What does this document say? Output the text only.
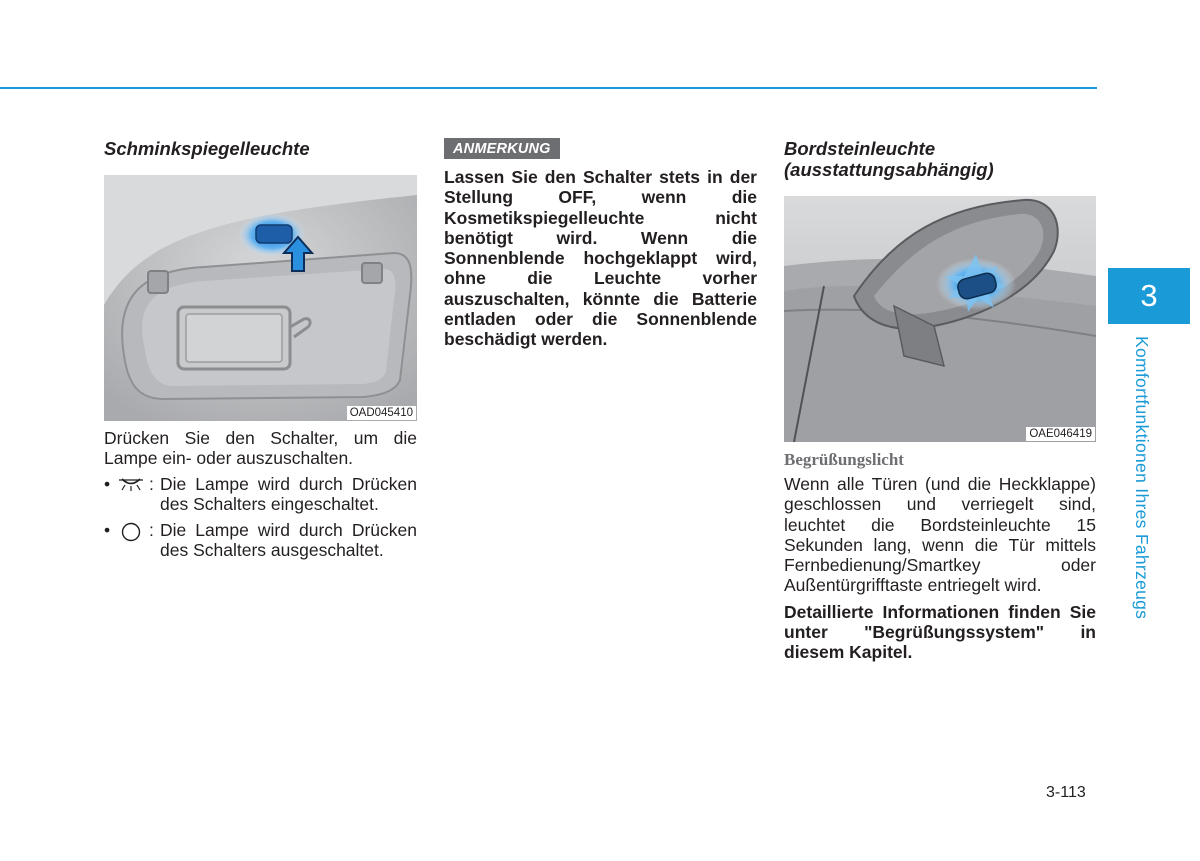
Schminkspiegelleuchte
OAD045410

Drücken Sie den Schalter, um die Lampe ein- oder auszuschalten.

• : Die Lampe wird durch Drücken des Schalters eingeschaltet.
• : Die Lampe wird durch Drücken des Schalters ausgeschaltet.
ANMERKUNG

Lassen Sie den Schalter stets in der Stellung OFF, wenn die Kosmetikspiegelleuchte nicht benötigt wird. Wenn die Sonnenblende hochgeklappt wird, ohne die Leuchte vorher auszuschalten, könnte die Batterie entladen oder die Sonnenblende beschädigt werden.

Bordsteinleuchte
(ausstattungsabhängig)
OAE046419
Begrüßungslicht

Wenn alle Türen (und die Heckklappe) geschlossen und verriegelt sind, leuchtet die Bordsteinleuchte 15 Sekunden lang, wenn die Tür mittels Fernbedienung/Smartkey oder Außentürgrifftaste entriegelt wird.

Detaillierte Informationen finden Sie unter "Begrüßungssystem" in diesem Kapitel.

3
Komfortfunktionen Ihres Fahrzeugs
3-113
